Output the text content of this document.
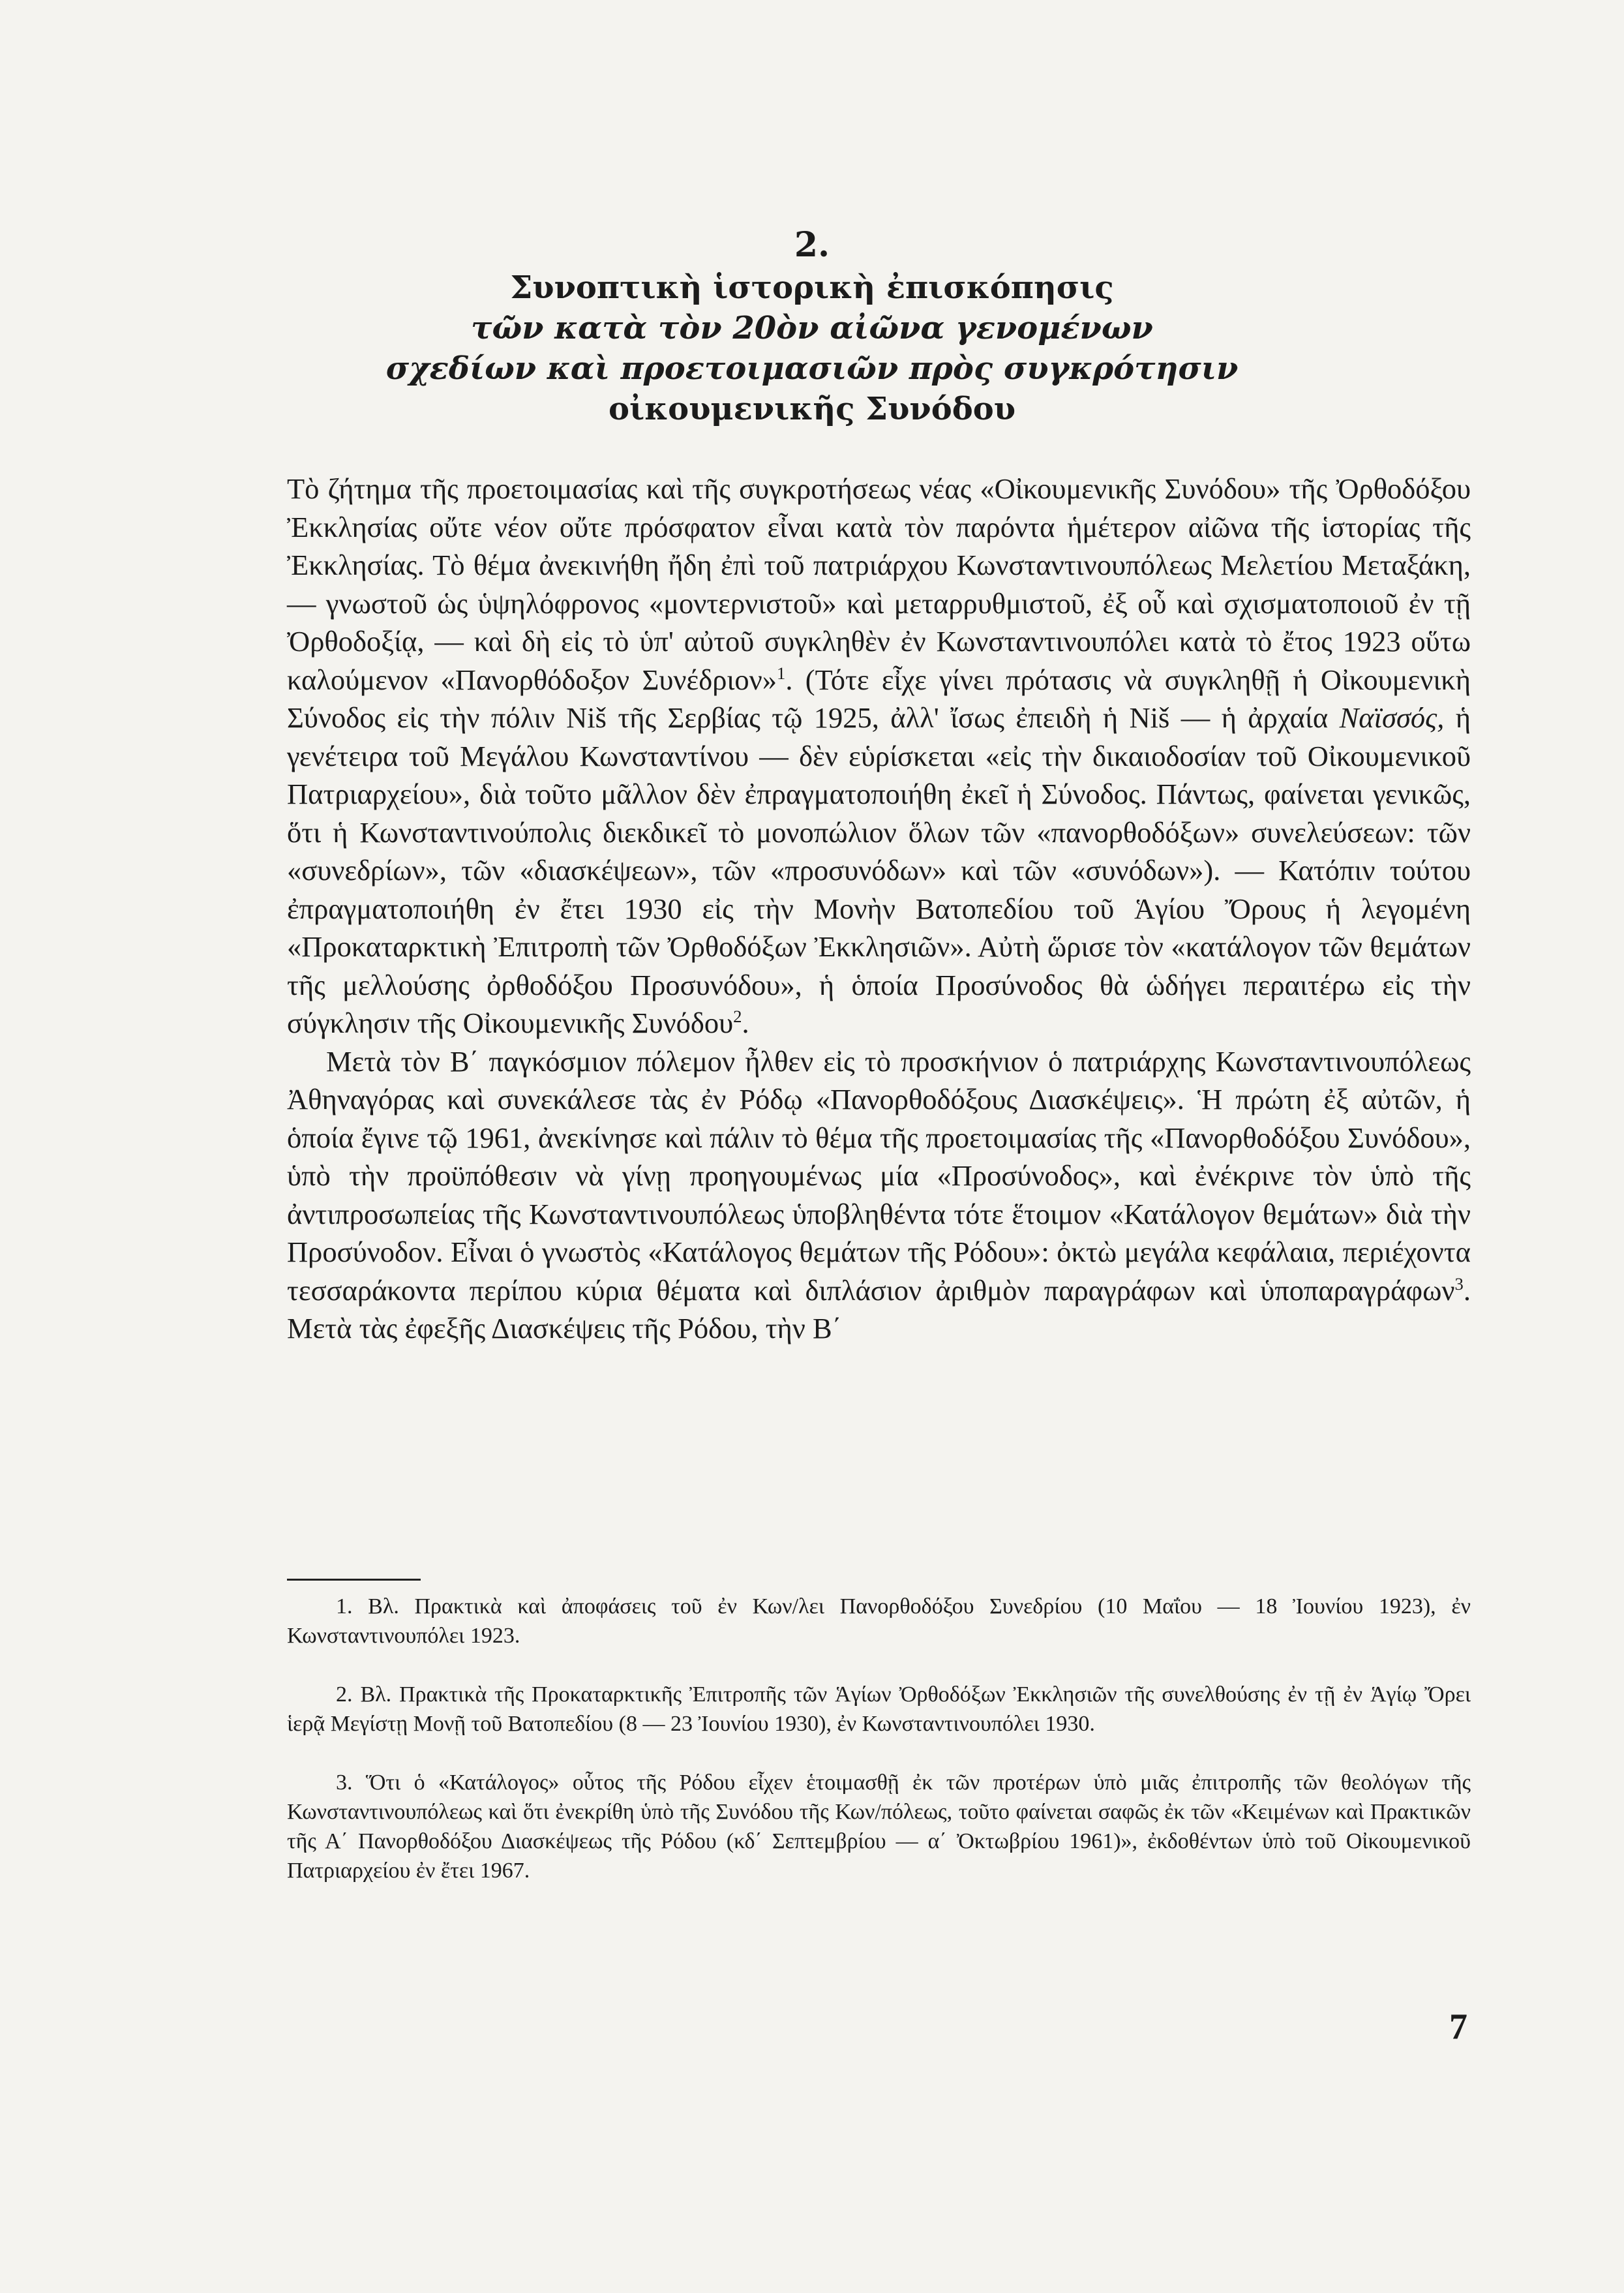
2.
Συνοπτικὴ ἱστορικὴ ἐπισκόπησις
τῶν κατὰ τὸν 20ὸν αἰῶνα γενομένων
σχεδίων καὶ προετοιμασιῶν πρὸς συγκρότησιν
οἰκουμενικῆς Συνόδου

Τὸ ζήτημα τῆς προετοιμασίας καὶ τῆς συγκροτήσεως νέας «Οἰκουμενικῆς Συνόδου» τῆς Ὀρθοδόξου Ἐκκλησίας οὔτε νέον οὔτε πρόσφατον εἶναι κατὰ τὸν παρόντα ἡμέτερον αἰῶνα τῆς ἱστορίας τῆς Ἐκκλησίας. Τὸ θέμα ἀνεκινήθη ἤδη ἐπὶ τοῦ πατριάρχου Κωνσταντινουπόλεως Μελετίου Μεταξάκη, — γνωστοῦ ὡς ὑψηλόφρονος «μοντερνιστοῦ» καὶ μεταρρυθμιστοῦ, ἐξ οὗ καὶ σχισματοποιοῦ ἐν τῇ Ὀρθοδοξίᾳ, — καὶ δὴ εἰς τὸ ὑπ' αὐτοῦ συγκληθὲν ἐν Κωνσταντινουπόλει κατὰ τὸ ἔτος 1923 οὕτω καλούμενον «Πανορθόδοξον Συνέδριον»$^1$. (Τότε εἶχε γίνει πρότασις νὰ συγκληθῇ ἡ Οἰκουμενικὴ Σύνοδος εἰς τὴν πόλιν Niš τῆς Σερβίας τῷ 1925, ἀλλ' ἴσως ἐπειδὴ ἡ Niš — ἡ ἀρχαία Ναϊσσός, ἡ γενέτειρα τοῦ Μεγάλου Κωνσταντίνου — δὲν εὑρίσκεται «εἰς τὴν δικαιοδοσίαν τοῦ Οἰκουμενικοῦ Πατριαρχείου», διὰ τοῦτο μᾶλλον δὲν ἐπραγματοποιήθη ἐκεῖ ἡ Σύνοδος. Πάντως, φαίνεται γενικῶς, ὅτι ἡ Κωνσταντινούπολις διεκδικεῖ τὸ μονοπώλιον ὅλων τῶν «πανορθοδόξων» συνελεύσεων: τῶν «συνεδρίων», τῶν «διασκέψεων», τῶν «προσυνόδων» καὶ τῶν «συνόδων»). — Κατόπιν τούτου ἐπραγματοποιήθη ἐν ἔτει 1930 εἰς τὴν Μονὴν Βατοπεδίου τοῦ Ἁγίου Ὄρους ἡ λεγομένη «Προκαταρκτικὴ Ἐπιτροπὴ τῶν Ὀρθοδόξων Ἐκκλησιῶν». Αὐτὴ ὥρισε τὸν «κατάλογον τῶν θεμάτων τῆς μελλούσης ὀρθοδόξου Προσυνόδου», ἡ ὁποία Προσύνοδος θὰ ὡδήγει περαιτέρω εἰς τὴν σύγκλησιν τῆς Οἰκουμενικῆς Συνόδου$^2$.

Μετὰ τὸν Β΄ παγκόσμιον πόλεμον ἦλθεν εἰς τὸ προσκήνιον ὁ πατριάρχης Κωνσταντινουπόλεως Ἀθηναγόρας καὶ συνεκάλεσε τὰς ἐν Ρόδῳ «Πανορθοδόξους Διασκέψεις». Ἡ πρώτη ἐξ αὐτῶν, ἡ ὁποία ἔγινε τῷ 1961, ἀνεκίνησε καὶ πάλιν τὸ θέμα τῆς προετοιμασίας τῆς «Πανορθοδόξου Συνόδου», ὑπὸ τὴν προϋπόθεσιν νὰ γίνῃ προηγουμένως μία «Προσύνοδος», καὶ ἐνέκρινε τὸν ὑπὸ τῆς ἀντιπροσωπείας τῆς Κωνσταντινουπόλεως ὑποβληθέντα τότε ἕτοιμον «Κατάλογον θεμάτων» διὰ τὴν Προσύνοδον. Εἶναι ὁ γνωστὸς «Κατάλογος θεμάτων τῆς Ρόδου»: ὀκτὼ μεγάλα κεφάλαια, περιέχοντα τεσσαράκοντα περίπου κύρια θέματα καὶ διπλάσιον ἀριθμὸν παραγράφων καὶ ὑποπαραγράφων$^3$. Μετὰ τὰς ἐφεξῆς Διασκέψεις τῆς Ρόδου, τὴν Β΄

1. Βλ. Πρακτικὰ καὶ ἀποφάσεις τοῦ ἐν Κων/λει Πανορθοδόξου Συνεδρίου (10 Μαΐου — 18 Ἰουνίου 1923), ἐν Κωνσταντινουπόλει 1923.

2. Βλ. Πρακτικὰ τῆς Προκαταρκτικῆς Ἐπιτροπῆς τῶν Ἁγίων Ὀρθοδόξων Ἐκκλησιῶν τῆς συνελθούσης ἐν τῇ ἐν Ἁγίῳ Ὄρει ἱερᾷ Μεγίστῃ Μονῇ τοῦ Βατοπεδίου (8 — 23 Ἰουνίου 1930), ἐν Κωνσταντινουπόλει 1930.

3. Ὅτι ὁ «Κατάλογος» οὗτος τῆς Ρόδου εἶχεν ἑτοιμασθῇ ἐκ τῶν προτέρων ὑπὸ μιᾶς ἐπιτροπῆς τῶν θεολόγων τῆς Κωνσταντινουπόλεως καὶ ὅτι ἐνεκρίθη ὑπὸ τῆς Συνόδου τῆς Κων/πόλεως, τοῦτο φαίνεται σαφῶς ἐκ τῶν «Κειμένων καὶ Πρακτικῶν τῆς Α΄ Πανορθοδόξου Διασκέψεως τῆς Ρόδου (κδ΄ Σεπτεμβρίου — α΄ Ὀκτωβρίου 1961)», ἐκδοθέντων ὑπὸ τοῦ Οἰκουμενικοῦ Πατριαρχείου ἐν ἔτει 1967.

7
